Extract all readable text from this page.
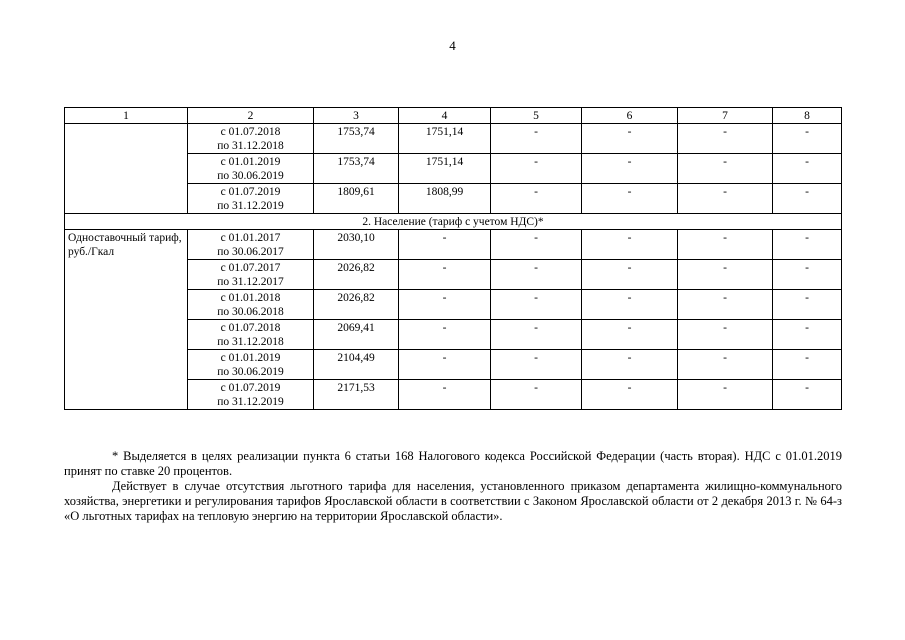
4
1	2	3	4	5	6	7	8

	с 01.07.2018
по 31.12.2018	1753,74	1751,14	-	-	-	-

	с 01.01.2019
по 30.06.2019	1753,74	1751,14	-	-	-	-

	с 01.07.2019
по 31.12.2019	1809,61	1808,99	-	-	-	-
2. Население (тариф с учетом НДС)*							
Одноставочный тариф, руб./Гкал	с 01.01.2017
по 30.06.2017	2030,10	-	-	-	-	-

	с 01.07.2017
по 31.12.2017	2026,82	-	-	-	-	-

	с 01.01.2018
по 30.06.2018	2026,82	-	-	-	-	-

	с 01.07.2018
по 31.12.2018	2069,41	-	-	-	-	-

	с 01.01.2019
по 30.06.2019	2104,49	-	-	-	-	-

	с 01.07.2019
по 31.12.2019	2171,53	-	-	-	-	-

* Выделяется в целях реализации пункта 6 статьи 168 Налогового кодекса Российской Федерации (часть вторая). НДС с 01.01.2019 принят по ставке 20 процентов.

Действует в случае отсутствия льготного тарифа для населения, установленного приказом департамента жилищно-коммунального хозяйства, энергетики и регулирования тарифов Ярославской области в соответствии с Законом Ярославской области от 2 декабря 2013 г. № 64-з «О льготных тарифах на тепловую энергию на территории Ярославской области».
